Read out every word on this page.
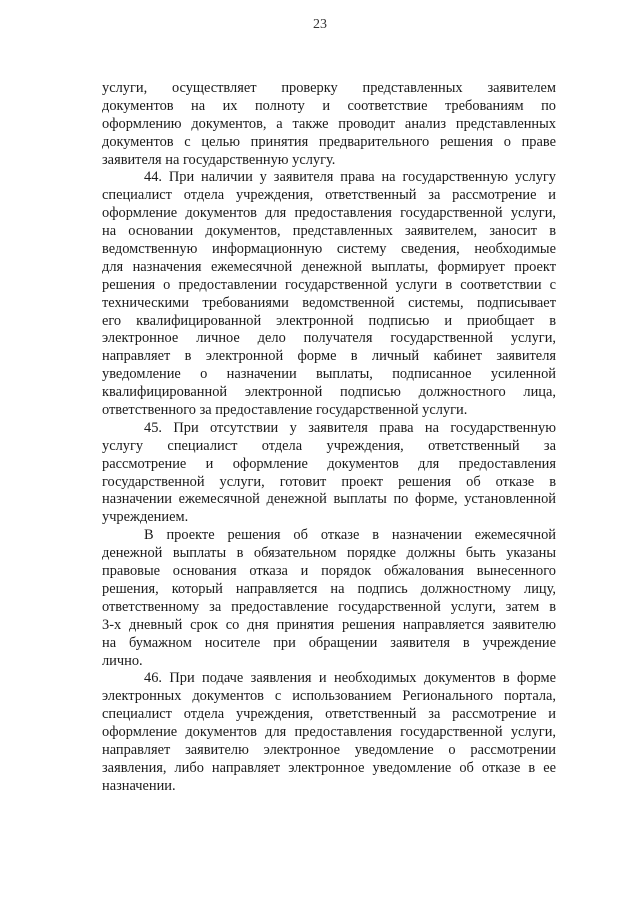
23
услуги, осуществляет проверку представленных заявителем
документов на их полноту и соответствие требованиям по
оформлению документов, а также проводит анализ представленных
документов с целью принятия предварительного решения о праве
заявителя на государственную услугу.
44. При наличии у заявителя права на государственную услугу
специалист отдела учреждения, ответственный за рассмотрение и
оформление документов для предоставления государственной услуги,
на основании документов, представленных заявителем, заносит в
ведомственную информационную систему сведения, необходимые
для назначения ежемесячной денежной выплаты, формирует проект
решения о предоставлении государственной услуги в соответствии с
техническими требованиями ведомственной системы, подписывает
его квалифицированной электронной подписью и приобщает в
электронное личное дело получателя государственной услуги,
направляет в электронной форме в личный кабинет заявителя
уведомление о назначении выплаты, подписанное усиленной
квалифицированной электронной подписью должностного лица,
ответственного за предоставление государственной услуги.
45. При отсутствии у заявителя права на государственную
услугу специалист отдела учреждения, ответственный за
рассмотрение и оформление документов для предоставления
государственной услуги, готовит проект решения об отказе в
назначении ежемесячной денежной выплаты по форме, установленной
учреждением.
В проекте решения об отказе в назначении ежемесячной
денежной выплаты в обязательном порядке должны быть указаны
правовые основания отказа и порядок обжалования вынесенного
решения, который направляется на подпись должностному лицу,
ответственному за предоставление государственной услуги, затем в
3-х дневный срок со дня принятия решения направляется заявителю
на бумажном носителе при обращении заявителя в учреждение
лично.
46. При подаче заявления и необходимых документов в форме
электронных документов с использованием Регионального портала,
специалист отдела учреждения, ответственный за рассмотрение и
оформление документов для предоставления государственной услуги,
направляет заявителю электронное уведомление о рассмотрении
заявления, либо направляет электронное уведомление об отказе в ее
назначении.
